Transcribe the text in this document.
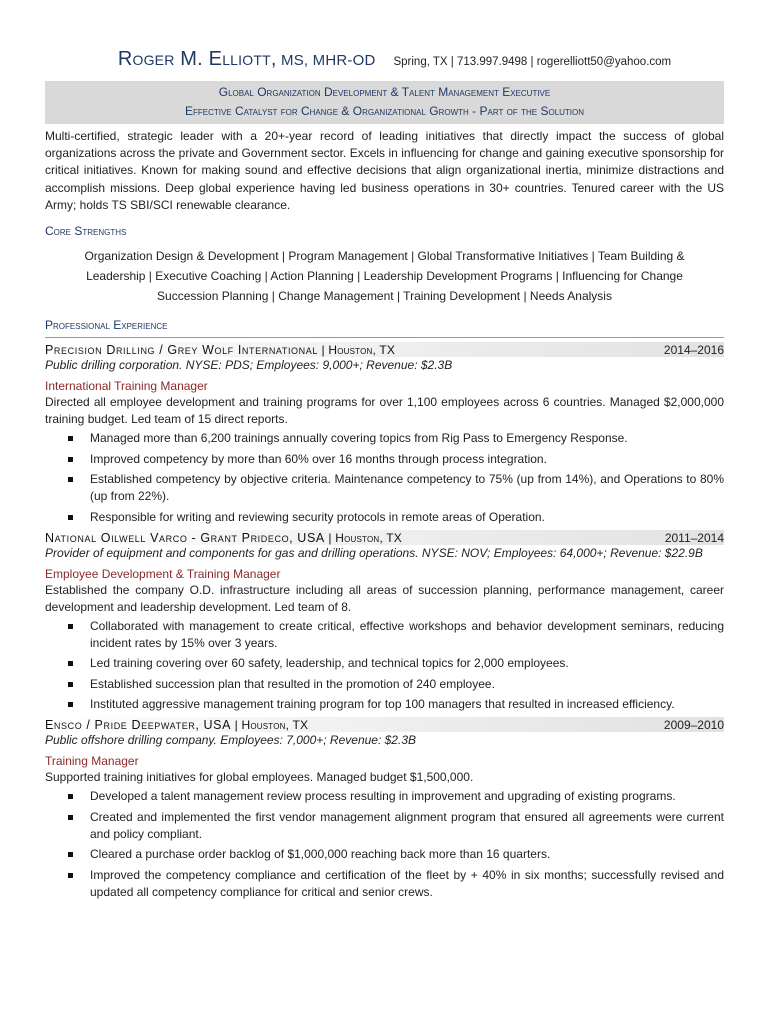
Roger M. Elliott, MS, MHR-OD Spring, TX | 713.997.9498 | rogerelliott50@yahoo.com
Global Organization Development & Talent Management Executive
Effective Catalyst for Change & Organizational Growth - Part of the Solution
Multi-certified, strategic leader with a 20+-year record of leading initiatives that directly impact the success of global organizations across the private and Government sector. Excels in influencing for change and gaining executive sponsorship for critical initiatives. Known for making sound and effective decisions that align organizational inertia, minimize distractions and accomplish missions. Deep global experience having led business operations in 30+ countries. Tenured career with the US Army; holds TS SBI/SCI renewable clearance.
Core Strengths
Organization Design & Development | Program Management | Global Transformative Initiatives | Team Building &
Leadership | Executive Coaching | Action Planning | Leadership Development Programs | Influencing for Change
Succession Planning | Change Management | Training Development | Needs Analysis
Professional Experience
Precision Drilling / Grey Wolf International | Houston, TX	2014–2016
Public drilling corporation. NYSE: PDS; Employees: 9,000+; Revenue: $2.3B
International Training Manager
Directed all employee development and training programs for over 1,100 employees across 6 countries. Managed $2,000,000 training budget. Led team of 15 direct reports.
Managed more than 6,200 trainings annually covering topics from Rig Pass to Emergency Response.
Improved competency by more than 60% over 16 months through process integration.
Established competency by objective criteria. Maintenance competency to 75% (up from 14%), and Operations to 80% (up from 22%).
Responsible for writing and reviewing security protocols in remote areas of Operation.
National Oilwell Varco - Grant Prideco, USA | Houston, TX	2011–2014
Provider of equipment and components for gas and drilling operations. NYSE: NOV; Employees: 64,000+; Revenue: $22.9B
Employee Development & Training Manager
Established the company O.D. infrastructure including all areas of succession planning, performance management, career development and leadership development. Led team of 8.
Collaborated with management to create critical, effective workshops and behavior development seminars, reducing incident rates by 15% over 3 years.
Led training covering over 60 safety, leadership, and technical topics for 2,000 employees.
Established succession plan that resulted in the promotion of 240 employee.
Instituted aggressive management training program for top 100 managers that resulted in increased efficiency.
Ensco / Pride Deepwater, USA | Houston, TX	2009–2010
Public offshore drilling company. Employees: 7,000+; Revenue: $2.3B
Training Manager
Supported training initiatives for global employees. Managed budget $1,500,000.
Developed a talent management review process resulting in improvement and upgrading of existing programs.
Created and implemented the first vendor management alignment program that ensured all agreements were current and policy compliant.
Cleared a purchase order backlog of $1,000,000 reaching back more than 16 quarters.
Improved the competency compliance and certification of the fleet by + 40% in six months; successfully revised and updated all competency compliance for critical and senior crews.
